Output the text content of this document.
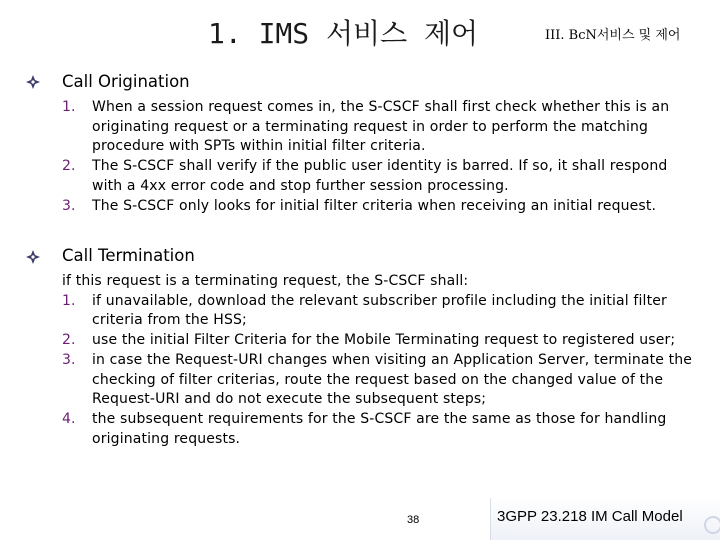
1. IMS 서비스 제어	III. BcN서비스 및 제어
Call Origination
1.	When a session request comes in, the S-CSCF shall first check whether this is an originating request or a terminating request in order to perform the matching procedure with SPTs within initial filter criteria.
2.	The S-CSCF shall verify if the public user identity is barred. If so, it shall respond with a 4xx error code and stop further session processing.
3.	The S-CSCF only looks for initial filter criteria when receiving an initial request.
Call Termination
if this request is a terminating request, the S-CSCF shall:
1.	if unavailable, download the relevant subscriber profile including the initial filter criteria from the HSS;
2.	use the initial Filter Criteria for the Mobile Terminating request to registered user;
3.	in case the Request-URI changes when visiting an Application Server, terminate the checking of filter criterias, route the request based on the changed value of the Request-URI and do not execute the subsequent steps;
4.	the subsequent requirements for the S-CSCF are the same as those for handling originating requests.
38	3GPP 23.218 IM Call Model
